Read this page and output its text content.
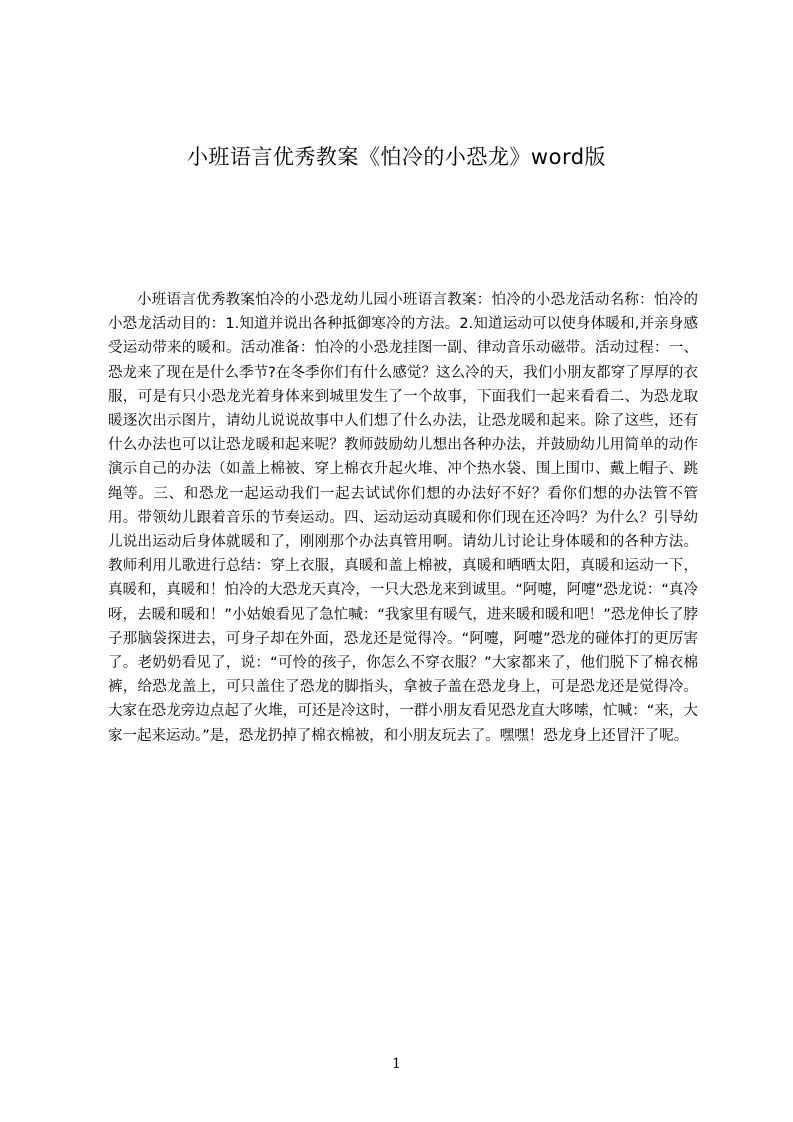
小班语言优秀教案《怕冷的小恐龙》word版

小班语言优秀教案怕冷的小恐龙幼儿园小班语言教案：怕冷的小恐龙活动名称：怕冷的小恐龙活动目的：1.知道并说出各种抵御寒冷的方法。2.知道运动可以使身体暖和,并亲身感受运动带来的暖和。活动准备：怕冷的小恐龙挂图一副、律动音乐动磁带。活动过程：一、恐龙来了现在是什么季节?在冬季你们有什么感觉？这么冷的天，我们小朋友都穿了厚厚的衣服，可是有只小恐龙光着身体来到城里发生了一个故事，下面我们一起来看看二、为恐龙取暖逐次出示图片，请幼儿说说故事中人们想了什么办法，让恐龙暖和起来。除了这些，还有什么办法也可以让恐龙暖和起来呢？教师鼓励幼儿想出各种办法，并鼓励幼儿用简单的动作演示自己的办法（如盖上棉被、穿上棉衣升起火堆、冲个热水袋、围上围巾、戴上帽子、跳绳等。三、和恐龙一起运动我们一起去试试你们想的办法好不好？看你们想的办法管不管用。带领幼儿跟着音乐的节奏运动。四、运动运动真暖和你们现在还冷吗？为什么？引导幼儿说出运动后身体就暖和了，刚刚那个办法真管用啊。请幼儿讨论让身体暖和的各种方法。教师利用儿歌进行总结：穿上衣服，真暖和盖上棉被，真暖和晒晒太阳，真暖和运动一下，真暖和，真暖和！怕冷的大恐龙天真冷，一只大恐龙来到诚里。“阿嚏，阿嚏”恐龙说：“真冷呀，去暖和暖和！”小姑娘看见了急忙喊：“我家里有暖气，进来暖和暖和吧！”恐龙伸长了脖子那脑袋探进去，可身子却在外面，恐龙还是觉得冷。“阿嚏，阿嚏”恐龙的碰体打的更厉害了。老奶奶看见了，说：“可怜的孩子，你怎么不穿衣服？”大家都来了，他们脱下了棉衣棉裤，给恐龙盖上，可只盖住了恐龙的脚指头，拿被子盖在恐龙身上，可是恐龙还是觉得冷。大家在恐龙旁边点起了火堆，可还是冷这时，一群小朋友看见恐龙直大哆嗦，忙喊：“来，大家一起来运动。”是，恐龙扔掉了棉衣棉被，和小朋友玩去了。嘿嘿！恐龙身上还冒汗了呢。

1
